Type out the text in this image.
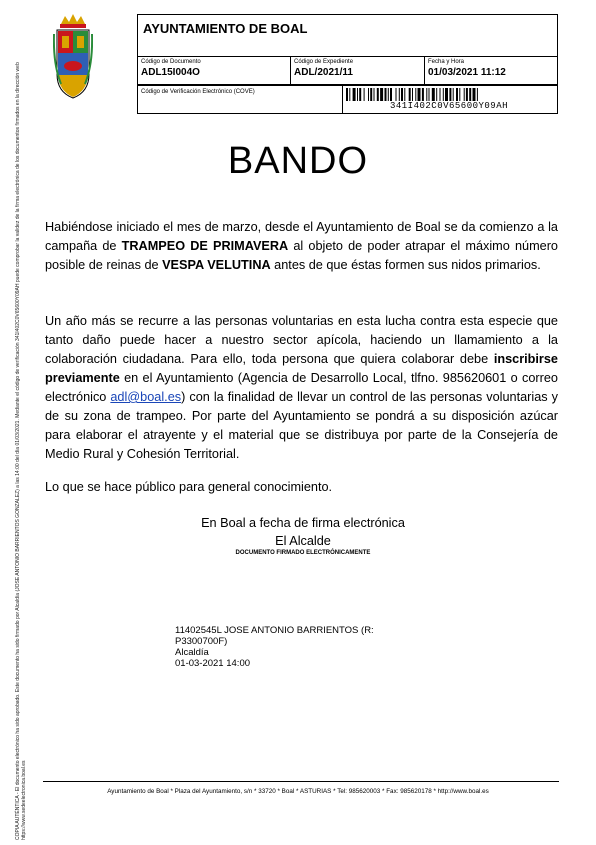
COPIA AUTÉNTICA - El documento electrónico ha sido aprobado. Este documento ha sido firmado por Alcaldía (JOSE ANTONIO BARRIENTOS GONZALEZ) a las 14:00 del día 01/03/2021. Mediante el código de verificación 341I402C0V65600Y09AH puede comprobar la validez de la firma electrónica de los documentos firmados en la dirección web https://www.sedeelectronica.boal.es
AYUNTAMIENTO DE BOAL
Código de Documento
ADL15I004O
Código de Expediente
ADL/2021/11
Fecha y Hora
01/03/2021 11:12
Código de Verificación Electrónico (COVE)
341I402C0V65600Y09AH
BANDO
Habiéndose iniciado el mes de marzo, desde el Ayuntamiento de Boal se da comienzo a la campaña de TRAMPEO DE PRIMAVERA al objeto de poder atrapar el máximo número posible de reinas de VESPA VELUTINA antes de que éstas formen sus nidos primarios.
Un año más se recurre a las personas voluntarias en esta lucha contra esta especie que tanto daño puede hacer a nuestro sector apícola, haciendo un llamamiento a la colaboración ciudadana. Para ello, toda persona que quiera colaborar debe inscribirse previamente en el Ayuntamiento (Agencia de Desarrollo Local, tlfno. 985620601 o correo electrónico adl@boal.es) con la finalidad de llevar un control de las personas voluntarias y de su zona de trampeo. Por parte del Ayuntamiento se pondrá a su disposición azúcar para elaborar el atrayente y el material que se distribuya por parte de la Consejería de Medio Rural y Cohesión Territorial.
Lo que se hace público para general conocimiento.
En Boal a fecha de firma electrónica
El Alcalde
DOCUMENTO FIRMADO ELECTRÓNICAMENTE
11402545L JOSE ANTONIO BARRIENTOS (R:
P3300700F)
Alcaldía
01-03-2021 14:00
Ayuntamiento de Boal * Plaza del Ayuntamiento, s/n * 33720 * Boal * ASTURIAS * Tel: 985620003 * Fax: 985620178 * http://www.boal.es
